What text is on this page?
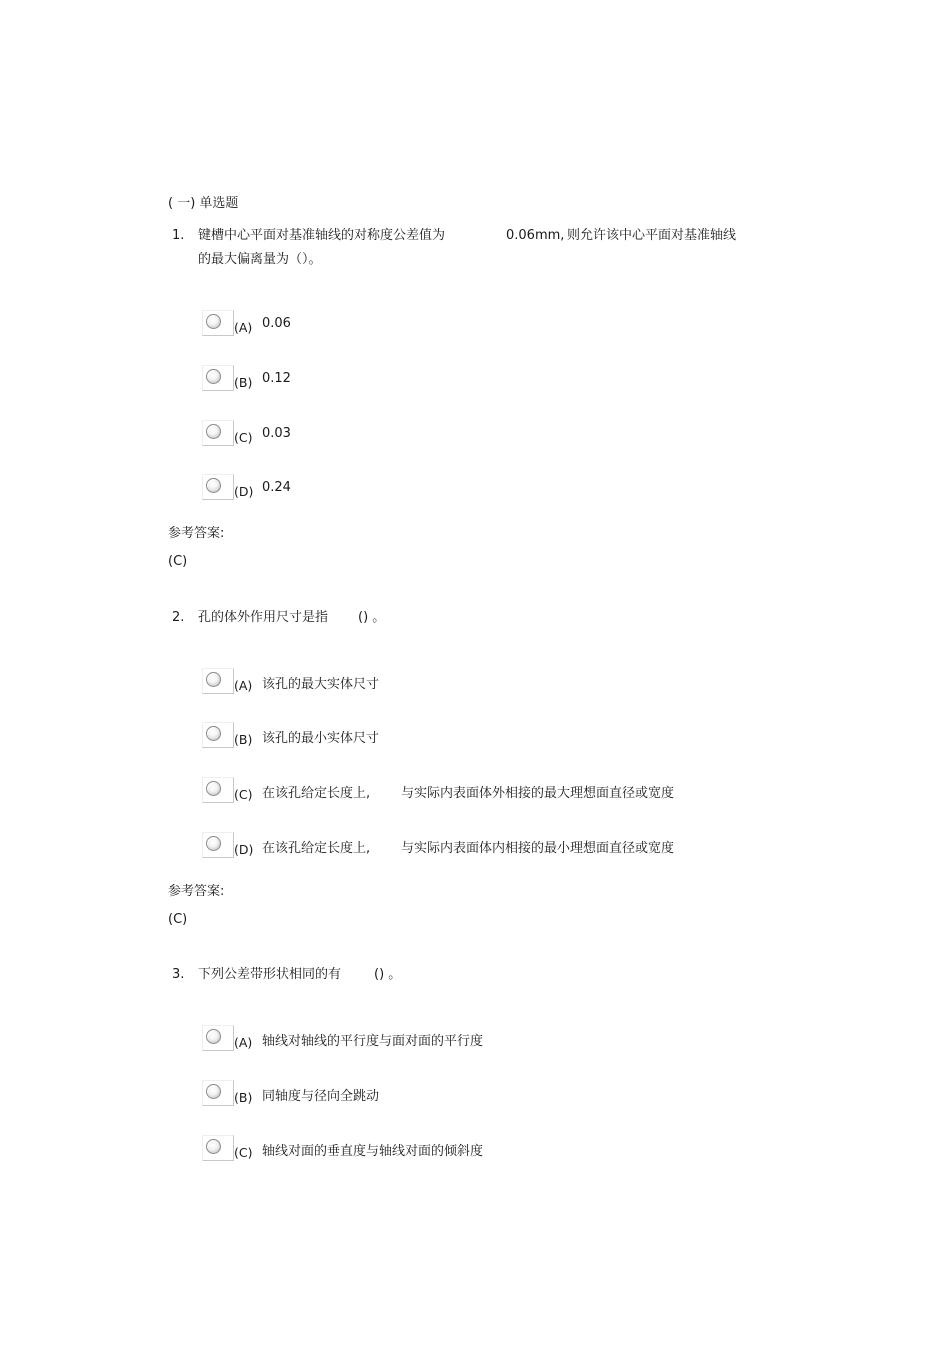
( 一) 单选题
1. 键槽中心平面对基准轴线的对称度公差值为	0.06mm, 则允许该中心平面对基准轴线
的最大偏离量为（）。
(A) 0.06
(B) 0.12
(C) 0.03
(D) 0.24
参考答案:
(C)
2. 孔的体外作用尺寸是指 () 。
(A) 该孔的最大实体尺寸
(B) 该孔的最小实体尺寸
(C) 在该孔给定长度上, 与实际内表面体外相接的最大理想面直径或宽度
(D) 在该孔给定长度上, 与实际内表面体内相接的最小理想面直径或宽度
参考答案:
(C)
3. 下列公差带形状相同的有	() 。
(A) 轴线对轴线的平行度与面对面的平行度
(B) 同轴度与径向全跳动
(C) 轴线对面的垂直度与轴线对面的倾斜度
